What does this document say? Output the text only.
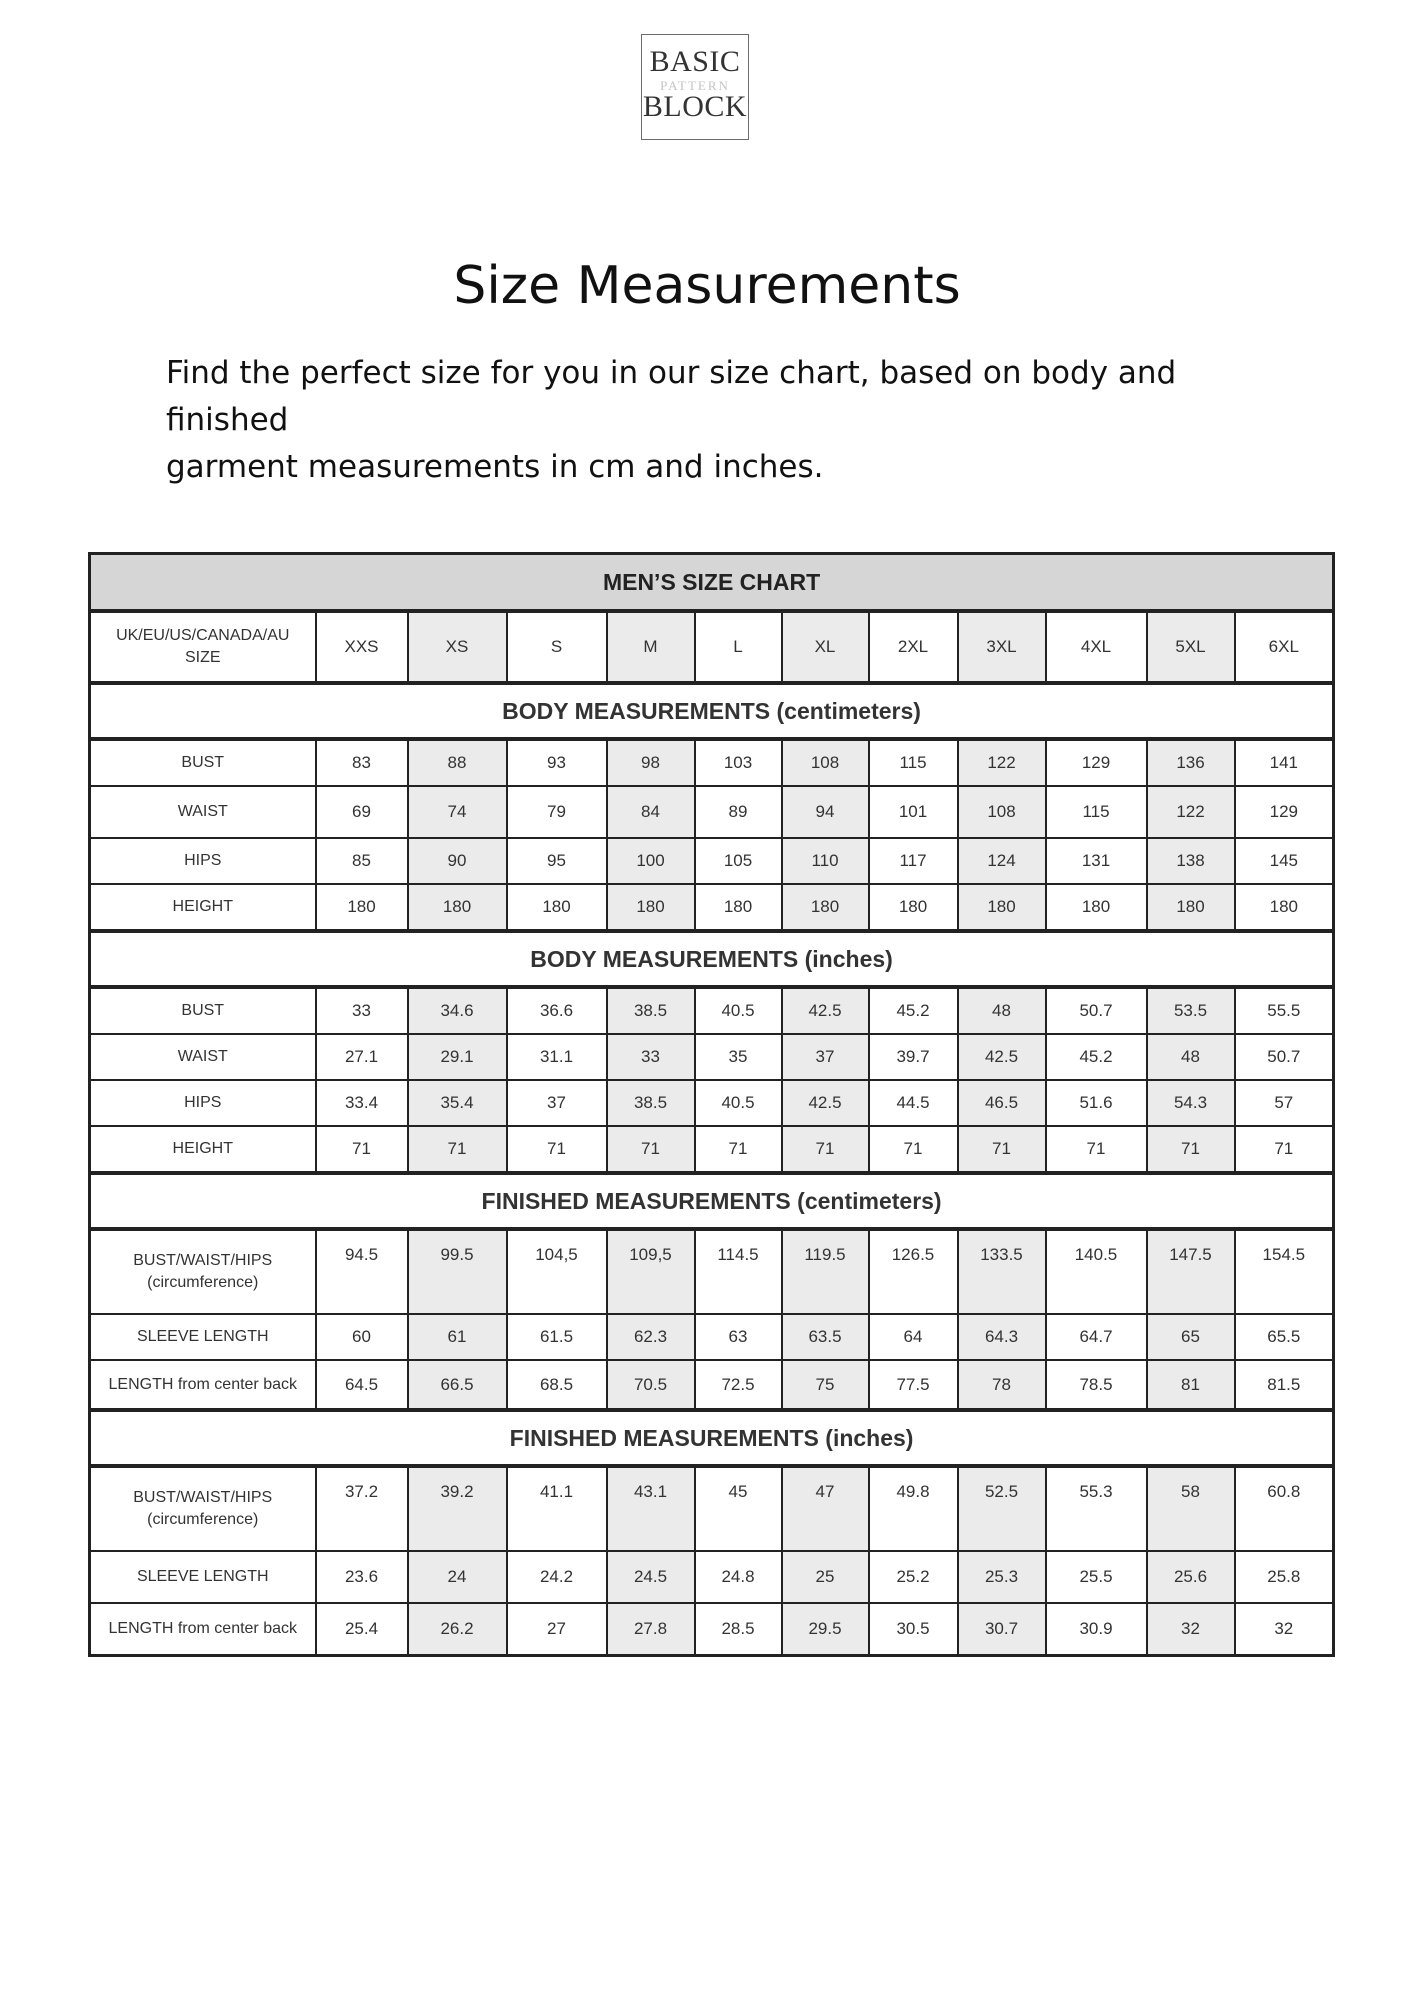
BASIC
PATTERN
BLOCK
Size Measurements
Find the perfect size for you in our size chart, based on body and finished
garment measurements in cm and inches.
MEN’S SIZE CHART											

UK/EU/US/CANADA/AU
SIZE	XXS	XS	S	M	L	XL	2XL	3XL	4XL	5XL	6XL
BODY MEASUREMENTS (centimeters)											
BUST	83	88	93	98	103	108	115	122	129	136	141
WAIST	69	74	79	84	89	94	101	108	115	122	129
HIPS	85	90	95	100	105	110	117	124	131	138	145
HEIGHT	180	180	180	180	180	180	180	180	180	180	180
BODY MEASUREMENTS (inches)											
BUST	33	34.6	36.6	38.5	40.5	42.5	45.2	48	50.7	53.5	55.5
WAIST	27.1	29.1	31.1	33	35	37	39.7	42.5	45.2	48	50.7
HIPS	33.4	35.4	37	38.5	40.5	42.5	44.5	46.5	51.6	54.3	57
HEIGHT	71	71	71	71	71	71	71	71	71	71	71
FINISHED MEASUREMENTS (centimeters)											

BUST/WAIST/HIPS
(circumference)	94.5	99.5	104,5	109,5	114.5	119.5	126.5	133.5	140.5	147.5	154.5
SLEEVE LENGTH	60	61	61.5	62.3	63	63.5	64	64.3	64.7	65	65.5
LENGTH from center back	64.5	66.5	68.5	70.5	72.5	75	77.5	78	78.5	81	81.5
FINISHED MEASUREMENTS (inches)											

BUST/WAIST/HIPS
(circumference)	37.2	39.2	41.1	43.1	45	47	49.8	52.5	55.3	58	60.8
SLEEVE LENGTH	23.6	24	24.2	24.5	24.8	25	25.2	25.3	25.5	25.6	25.8
LENGTH from center back	25.4	26.2	27	27.8	28.5	29.5	30.5	30.7	30.9	32	32
